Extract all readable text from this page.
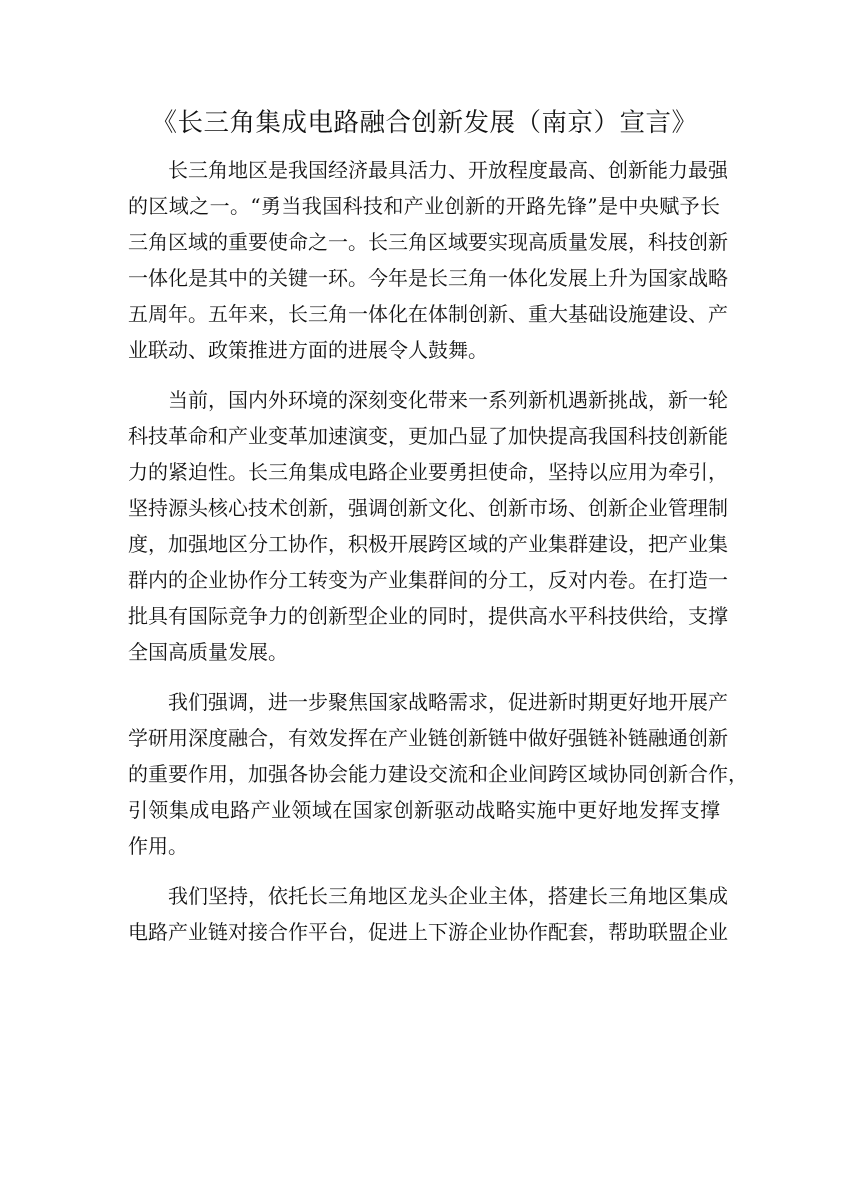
《长三角集成电路融合创新发展（南京）宣言》
长三角地区是我国经济最具活力、开放程度最高、创新能力最强
的区域之一。“勇当我国科技和产业创新的开路先锋”是中央赋予长
三角区域的重要使命之一。长三角区域要实现高质量发展，科技创新
一体化是其中的关键一环。今年是长三角一体化发展上升为国家战略
五周年。五年来，长三角一体化在体制创新、重大基础设施建设、产
业联动、政策推进方面的进展令人鼓舞。
当前，国内外环境的深刻变化带来一系列新机遇新挑战，新一轮
科技革命和产业变革加速演变，更加凸显了加快提高我国科技创新能
力的紧迫性。长三角集成电路企业要勇担使命，坚持以应用为牵引，
坚持源头核心技术创新，强调创新文化、创新市场、创新企业管理制
度，加强地区分工协作，积极开展跨区域的产业集群建设，把产业集
群内的企业协作分工转变为产业集群间的分工，反对内卷。在打造一
批具有国际竞争力的创新型企业的同时，提供高水平科技供给，支撑
全国高质量发展。
我们强调，进一步聚焦国家战略需求，促进新时期更好地开展产
学研用深度融合，有效发挥在产业链创新链中做好强链补链融通创新
的重要作用，加强各协会能力建设交流和企业间跨区域协同创新合作，
引领集成电路产业领域在国家创新驱动战略实施中更好地发挥支撑
作用。
我们坚持，依托长三角地区龙头企业主体，搭建长三角地区集成
电路产业链对接合作平台，促进上下游企业协作配套，帮助联盟企业
